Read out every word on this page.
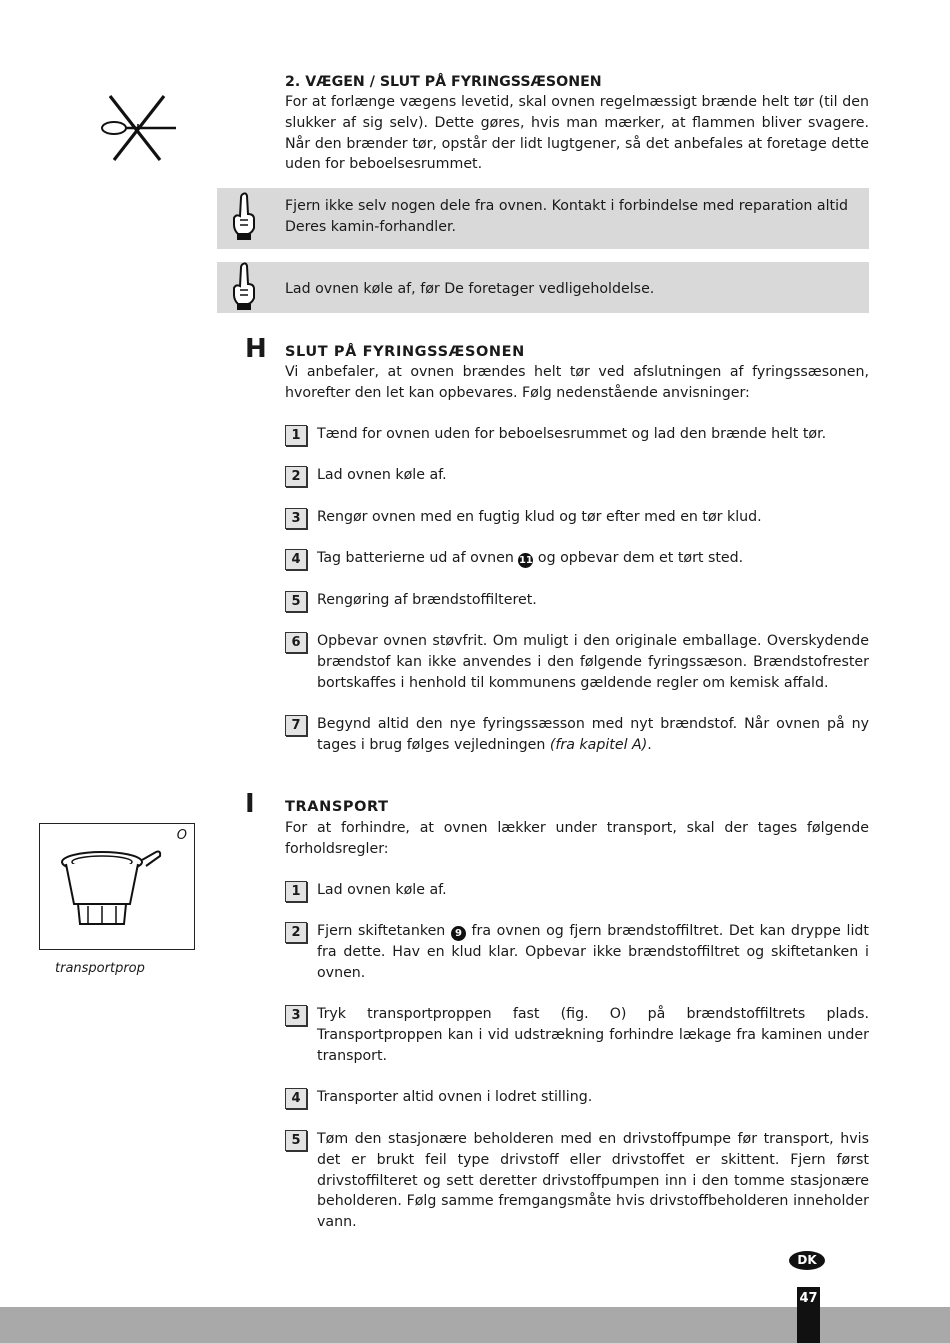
2. VÆGEN / SLUT PÅ FYRINGSSÆSONEN
For at forlænge vægens levetid, skal ovnen regelmæssigt brænde helt tør (til den slukker af sig selv). Dette gøres, hvis man mærker, at flammen bliver svagere. Når den brænder tør, opstår der lidt lugtgener, så det anbefales at foretage dette uden for beboelsesrummet.
Fjern ikke selv nogen dele fra ovnen. Kontakt i forbindelse med reparation altid Deres kamin-forhandler.
Lad ovnen køle af, før De foretager vedligeholdelse.
H SLUT PÅ FYRINGSSÆSONEN
Vi anbefaler, at ovnen brændes helt tør ved afslutningen af fyringssæsonen, hvorefter den let kan opbevares. Følg nedenstående anvisninger:
1	Tænd for ovnen uden for beboelsesrummet og lad den brænde helt tør.
2	Lad ovnen køle af.
3	Rengør ovnen med en fugtig klud og tør efter med en tør klud.
4	Tag batterierne ud af ovnen 11 og opbevar dem et tørt sted.
5	Rengøring af brændstoffilteret.
6	Opbevar ovnen støvfrit. Om muligt i den originale emballage. Overskydende brændstof kan ikke anvendes i den følgende fyringssæson. Brændstofrester bortskaffes i henhold til kommunens gældende regler om kemisk affald.
7	Begynd altid den nye fyringssæsson med nyt brændstof. Når ovnen på ny tages i brug følges vejledningen (fra kapitel A).
I TRANSPORT
For at forhindre, at ovnen lækker under transport, skal der tages følgende forholdsregler:
1	Lad ovnen køle af.
2	Fjern skiftetanken 9 fra ovnen og fjern brændstoffiltret. Det kan dryppe lidt fra dette. Hav en klud klar. Opbevar ikke brændstoffiltret og skiftetanken i ovnen.
3	Tryk transportproppen fast (fig. O) på brændstoffiltrets plads. Transportproppen kan i vid udstrækning forhindre lækage fra kaminen under transport.
4	Transporter altid ovnen i lodret stilling.
5	Tøm den stasjonære beholderen med en drivstoffpumpe før transport, hvis det er brukt feil type drivstoff eller drivstoffet er skittent. Fjern først drivstoffilteret og sett deretter drivstoffpumpen inn i den tomme stasjonære beholderen. Følg samme fremgangsmåte hvis drivstoffbeholderen inneholder vann.
O
transportprop
DK
47
